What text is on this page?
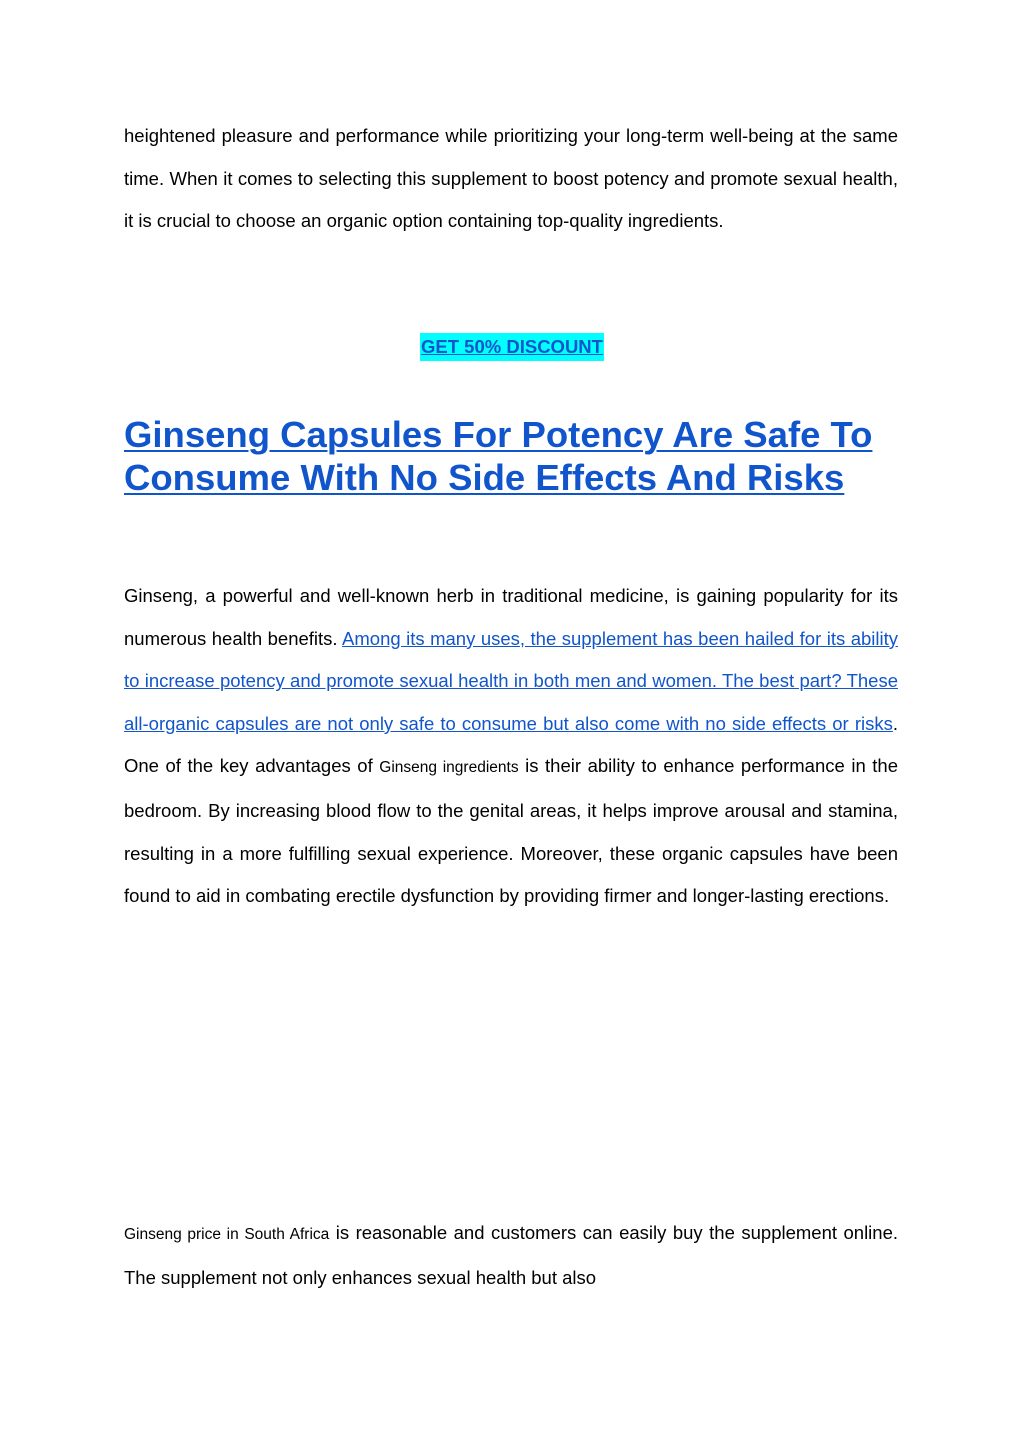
heightened pleasure and performance while prioritizing your long-term well-being at the same time. When it comes to selecting this supplement to boost potency and promote sexual health, it is crucial to choose an organic option containing top-quality ingredients.

GET 50% DISCOUNT

Ginseng Capsules For Potency Are Safe To Consume With No Side Effects And Risks

Ginseng, a powerful and well-known herb in traditional medicine, is gaining popularity for its numerous health benefits. Among its many uses, the supplement has been hailed for its ability to increase potency and promote sexual health in both men and women. The best part? These all-organic capsules are not only safe to consume but also come with no side effects or risks. One of the key advantages of Ginseng ingredients is their ability to enhance performance in the bedroom. By increasing blood flow to the genital areas, it helps improve arousal and stamina, resulting in a more fulfilling sexual experience. Moreover, these organic capsules have been found to aid in combating erectile dysfunction by providing firmer and longer-lasting erections.

Ginseng price in South Africa is reasonable and customers can easily buy the supplement online. The supplement not only enhances sexual health but also
